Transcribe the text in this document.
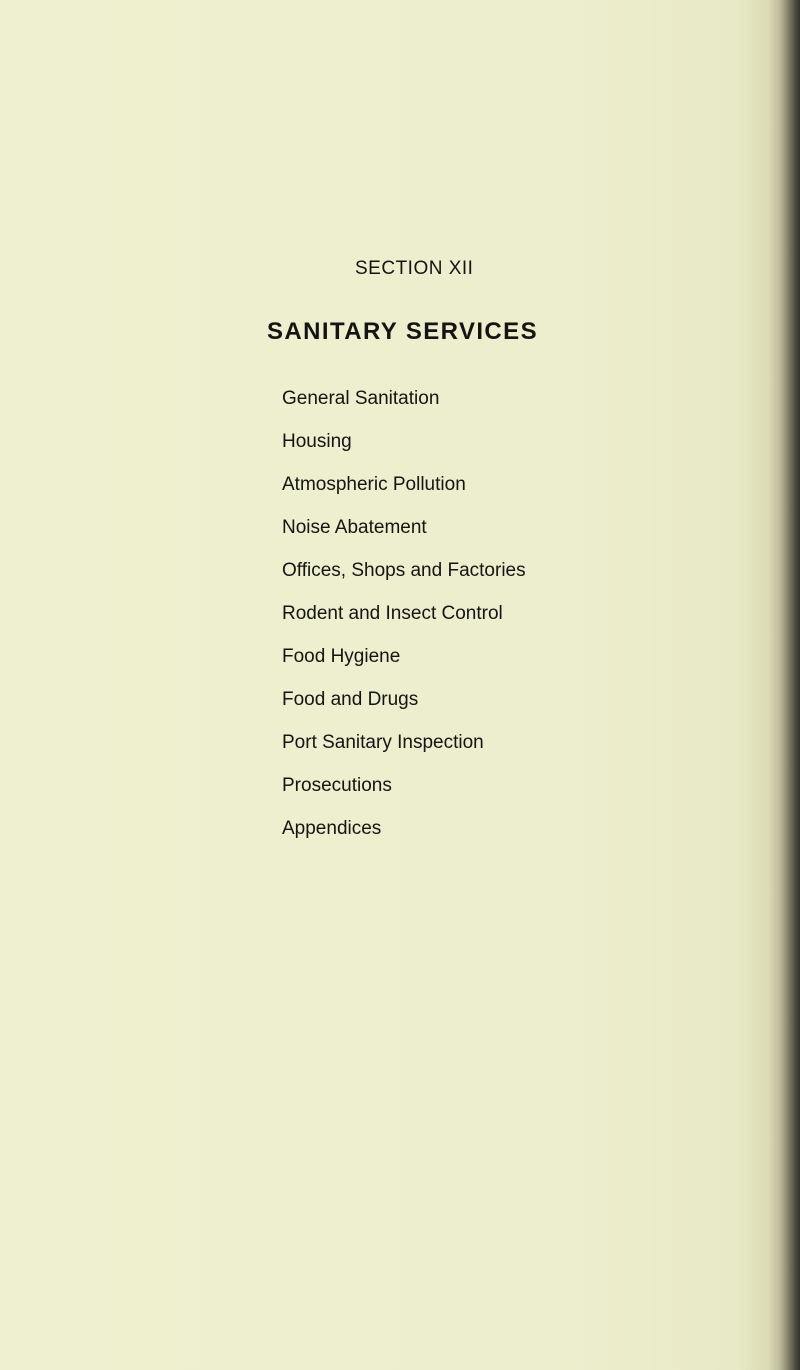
SECTION XII
SANITARY SERVICES
General Sanitation
Housing
Atmospheric Pollution
Noise Abatement
Offices, Shops and Factories
Rodent and Insect Control
Food Hygiene
Food and Drugs
Port Sanitary Inspection
Prosecutions
Appendices
